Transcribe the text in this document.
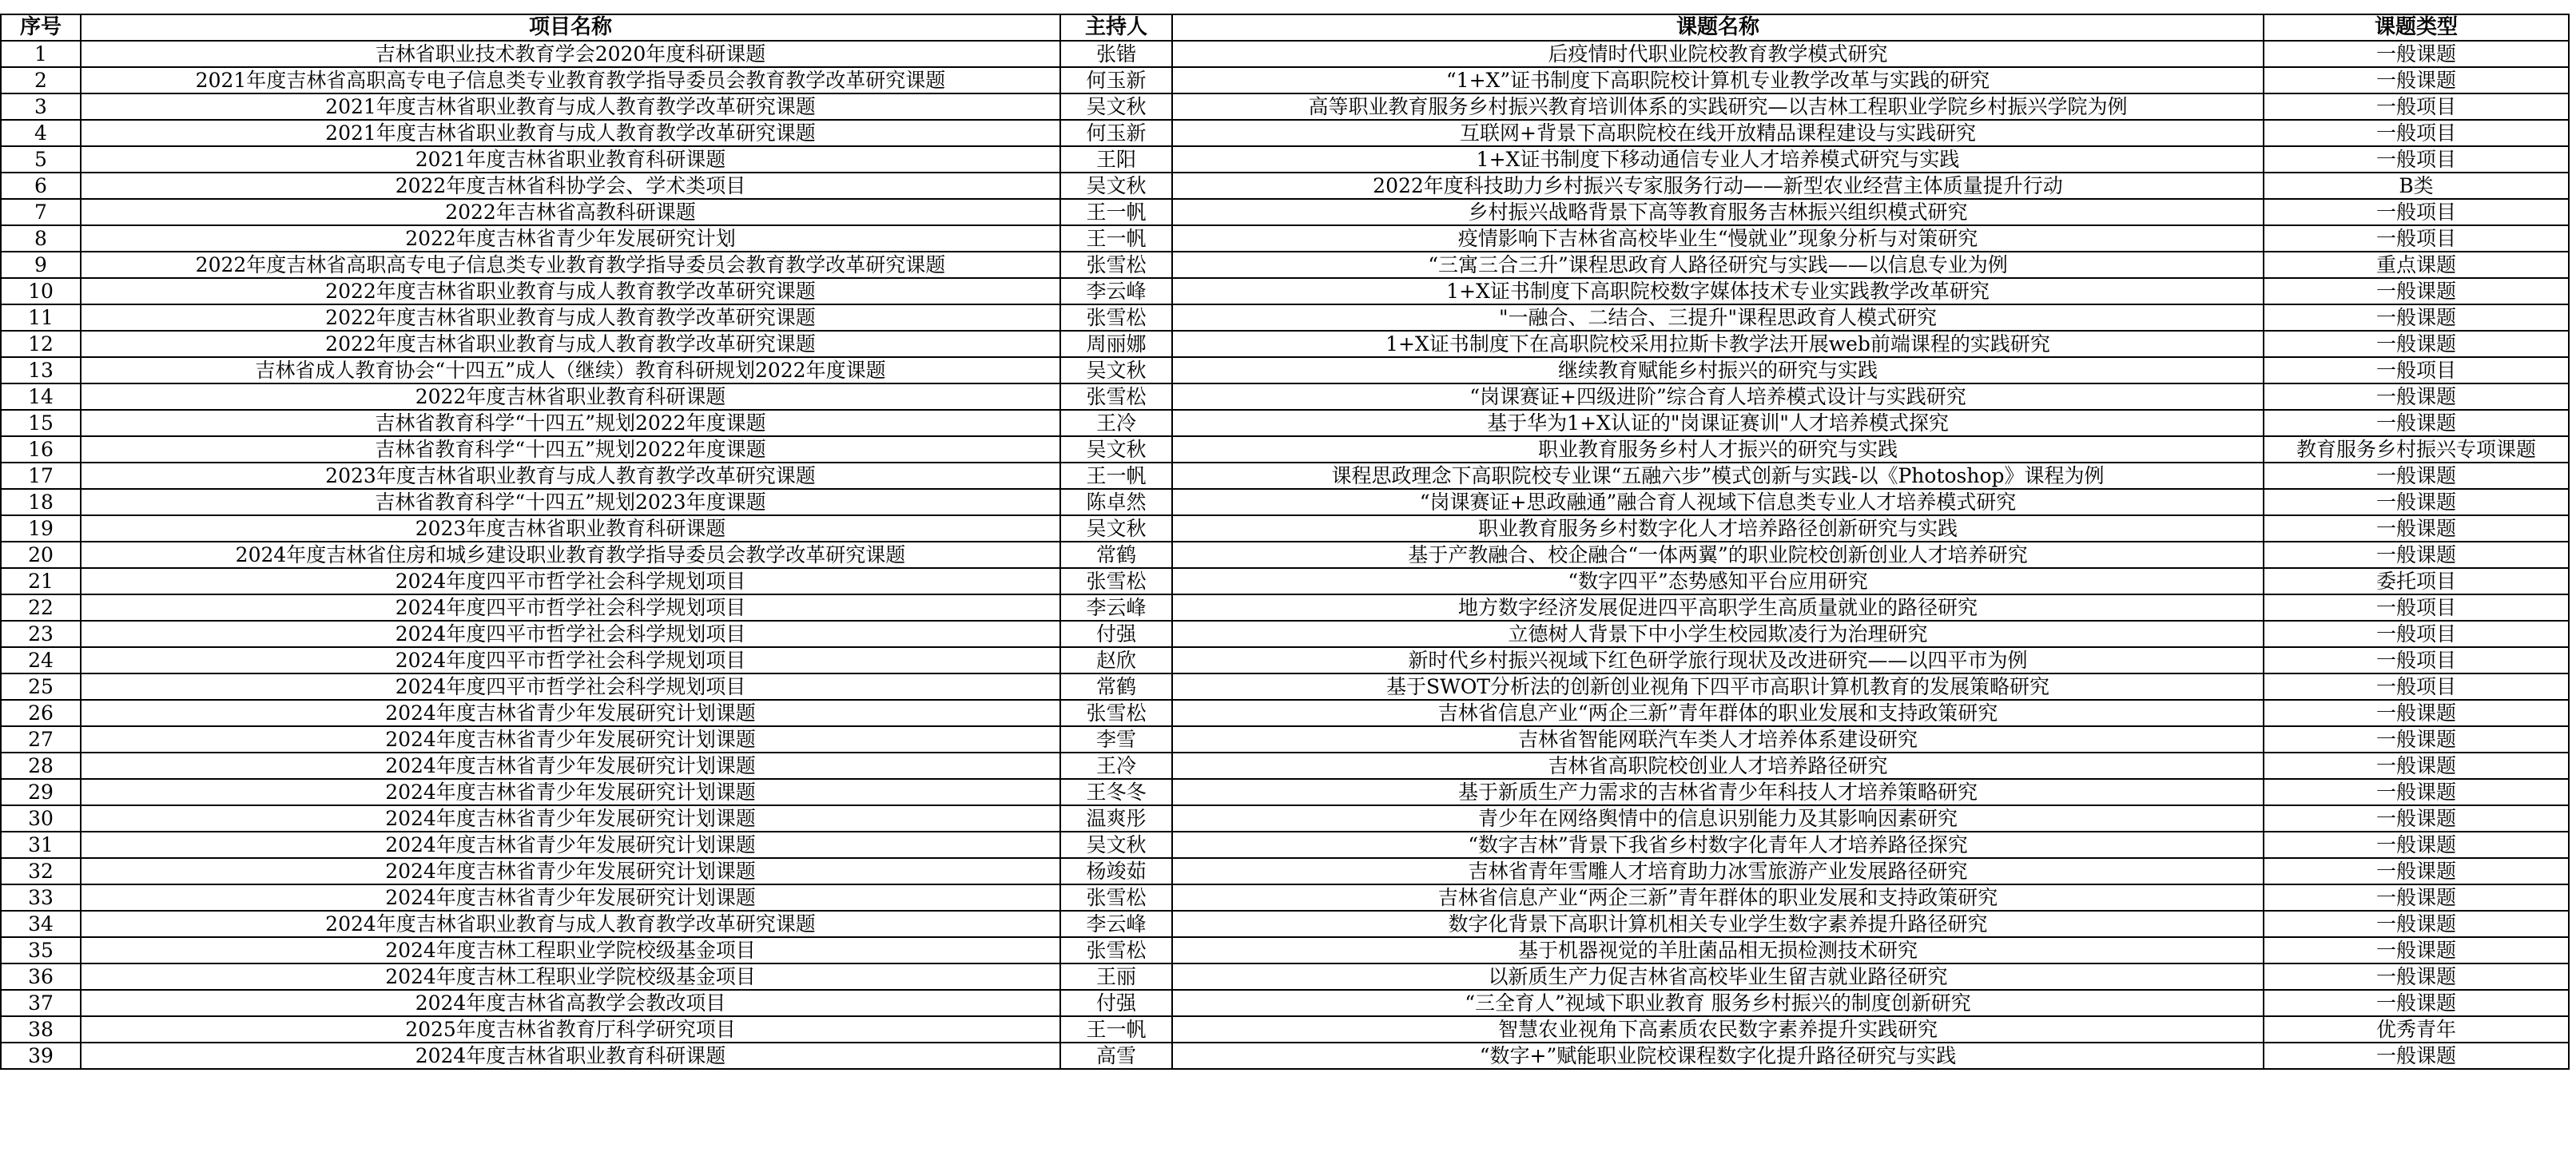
序号	项目名称	主持人	课题名称	课题类型
1	吉林省职业技术教育学会2020年度科研课题	张锴	后疫情时代职业院校教育教学模式研究	一般课题
2	2021年度吉林省高职高专电子信息类专业教育教学指导委员会教育教学改革研究课题	何玉新	“1+X”证书制度下高职院校计算机专业教学改革与实践的研究	一般课题
3	2021年度吉林省职业教育与成人教育教学改革研究课题	吴文秋	高等职业教育服务乡村振兴教育培训体系的实践研究—以吉林工程职业学院乡村振兴学院为例	一般项目
4	2021年度吉林省职业教育与成人教育教学改革研究课题	何玉新	互联网+背景下高职院校在线开放精品课程建设与实践研究	一般项目
5	2021年度吉林省职业教育科研课题	王阳	1+X证书制度下移动通信专业人才培养模式研究与实践	一般项目
6	2022年度吉林省科协学会、学术类项目	吴文秋	2022年度科技助力乡村振兴专家服务行动——新型农业经营主体质量提升行动	B类
7	2022年吉林省高教科研课题	王一帆	乡村振兴战略背景下高等教育服务吉林振兴组织模式研究	一般项目
8	2022年度吉林省青少年发展研究计划	王一帆	疫情影响下吉林省高校毕业生“慢就业”现象分析与对策研究	一般项目
9	2022年度吉林省高职高专电子信息类专业教育教学指导委员会教育教学改革研究课题	张雪松	“三寓三合三升”课程思政育人路径研究与实践——以信息专业为例	重点课题
10	2022年度吉林省职业教育与成人教育教学改革研究课题	李云峰	1+X证书制度下高职院校数字媒体技术专业实践教学改革研究	一般课题
11	2022年度吉林省职业教育与成人教育教学改革研究课题	张雪松	"一融合、二结合、三提升"课程思政育人模式研究	一般课题
12	2022年度吉林省职业教育与成人教育教学改革研究课题	周丽娜	1+X证书制度下在高职院校采用拉斯卡教学法开展web前端课程的实践研究	一般课题
13	吉林省成人教育协会“十四五”成人（继续）教育科研规划2022年度课题	吴文秋	继续教育赋能乡村振兴的研究与实践	一般项目
14	2022年度吉林省职业教育科研课题	张雪松	“岗课赛证+四级进阶”综合育人培养模式设计与实践研究	一般课题
15	吉林省教育科学“十四五”规划2022年度课题	王冷	基于华为1+X认证的"岗课证赛训"人才培养模式探究	一般课题
16	吉林省教育科学“十四五”规划2022年度课题	吴文秋	职业教育服务乡村人才振兴的研究与实践	教育服务乡村振兴专项课题
17	2023年度吉林省职业教育与成人教育教学改革研究课题	王一帆	课程思政理念下高职院校专业课“五融六步”模式创新与实践-以《Photoshop》课程为例	一般课题
18	吉林省教育科学“十四五”规划2023年度课题	陈卓然	“岗课赛证+思政融通”融合育人视域下信息类专业人才培养模式研究	一般课题
19	2023年度吉林省职业教育科研课题	吴文秋	职业教育服务乡村数字化人才培养路径创新研究与实践	一般课题
20	2024年度吉林省住房和城乡建设职业教育教学指导委员会教学改革研究课题	常鹤	基于产教融合、校企融合“一体两翼”的职业院校创新创业人才培养研究	一般课题
21	2024年度四平市哲学社会科学规划项目	张雪松	“数字四平”态势感知平台应用研究	委托项目
22	2024年度四平市哲学社会科学规划项目	李云峰	地方数字经济发展促进四平高职学生高质量就业的路径研究	一般项目
23	2024年度四平市哲学社会科学规划项目	付强	立德树人背景下中小学生校园欺凌行为治理研究	一般项目
24	2024年度四平市哲学社会科学规划项目	赵欣	新时代乡村振兴视域下红色研学旅行现状及改进研究——以四平市为例	一般项目
25	2024年度四平市哲学社会科学规划项目	常鹤	基于SWOT分析法的创新创业视角下四平市高职计算机教育的发展策略研究	一般项目
26	2024年度吉林省青少年发展研究计划课题	张雪松	吉林省信息产业“两企三新”青年群体的职业发展和支持政策研究	一般课题
27	2024年度吉林省青少年发展研究计划课题	李雪	吉林省智能网联汽车类人才培养体系建设研究	一般课题
28	2024年度吉林省青少年发展研究计划课题	王冷	吉林省高职院校创业人才培养路径研究	一般课题
29	2024年度吉林省青少年发展研究计划课题	王冬冬	基于新质生产力需求的吉林省青少年科技人才培养策略研究	一般课题
30	2024年度吉林省青少年发展研究计划课题	温爽彤	青少年在网络舆情中的信息识别能力及其影响因素研究	一般课题
31	2024年度吉林省青少年发展研究计划课题	吴文秋	“数字吉林”背景下我省乡村数字化青年人才培养路径探究	一般课题
32	2024年度吉林省青少年发展研究计划课题	杨竣茹	吉林省青年雪雕人才培育助力冰雪旅游产业发展路径研究	一般课题
33	2024年度吉林省青少年发展研究计划课题	张雪松	吉林省信息产业“两企三新”青年群体的职业发展和支持政策研究	一般课题
34	2024年度吉林省职业教育与成人教育教学改革研究课题	李云峰	数字化背景下高职计算机相关专业学生数字素养提升路径研究	一般课题
35	2024年度吉林工程职业学院校级基金项目	张雪松	基于机器视觉的羊肚菌品相无损检测技术研究	一般课题
36	2024年度吉林工程职业学院校级基金项目	王丽	以新质生产力促吉林省高校毕业生留吉就业路径研究	一般课题
37	2024年度吉林省高教学会教改项目	付强	“三全育人”视域下职业教育 服务乡村振兴的制度创新研究	一般课题
38	2025年度吉林省教育厅科学研究项目	王一帆	智慧农业视角下高素质农民数字素养提升实践研究	优秀青年
39	2024年度吉林省职业教育科研课题	高雪	“数字+”赋能职业院校课程数字化提升路径研究与实践	一般课题
